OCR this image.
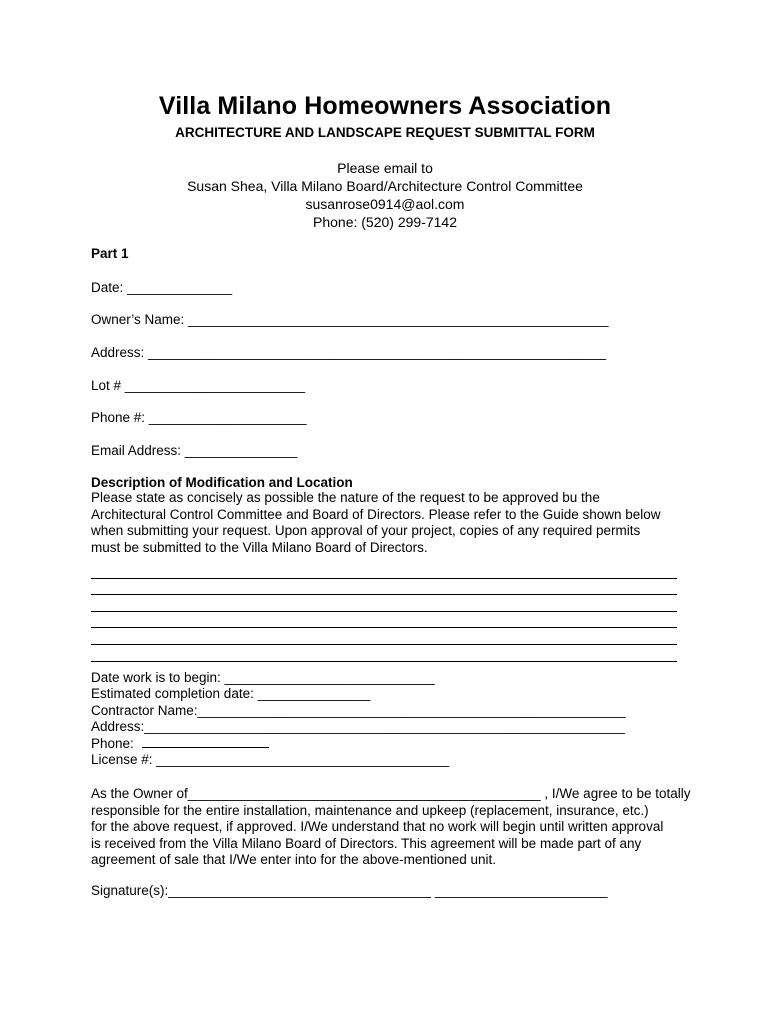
Villa Milano Homeowners Association
ARCHITECTURE AND LANDSCAPE REQUEST SUBMITTAL FORM
Please email to
Susan Shea, Villa Milano Board/Architecture Control Committee
susanrose0914@aol.com
Phone: (520) 299-7142
Part 1
Date: ______________
Owner’s Name: ________________________________________________________
Address: _____________________________________________________________
Lot # ________________________
Phone #: _____________________
Email Address: _______________
Description of Modification and Location
Please state as concisely as possible the nature of the request to be approved bu the
Architectural Control Committee and Board of Directors. Please refer to the Guide shown below
when submitting your request. Upon approval of your project, copies of any required permits
must be submitted to the Villa Milano Board of Directors.
Date work is to begin: ____________________________
Estimated completion date: _______________
Contractor Name:_________________________________________________________
Address:________________________________________________________________
Phone:
License #: _______________________________________
As the Owner of_______________________________________________ , I/We agree to be totally
responsible for the entire installation, maintenance and upkeep (replacement, insurance, etc.)
for the above request, if approved. I/We understand that no work will begin until written approval
is received from the Villa Milano Board of Directors. This agreement will be made part of any
agreement of sale that I/We enter into for the above-mentioned unit.
Signature(s):___________________________________ _______________________
